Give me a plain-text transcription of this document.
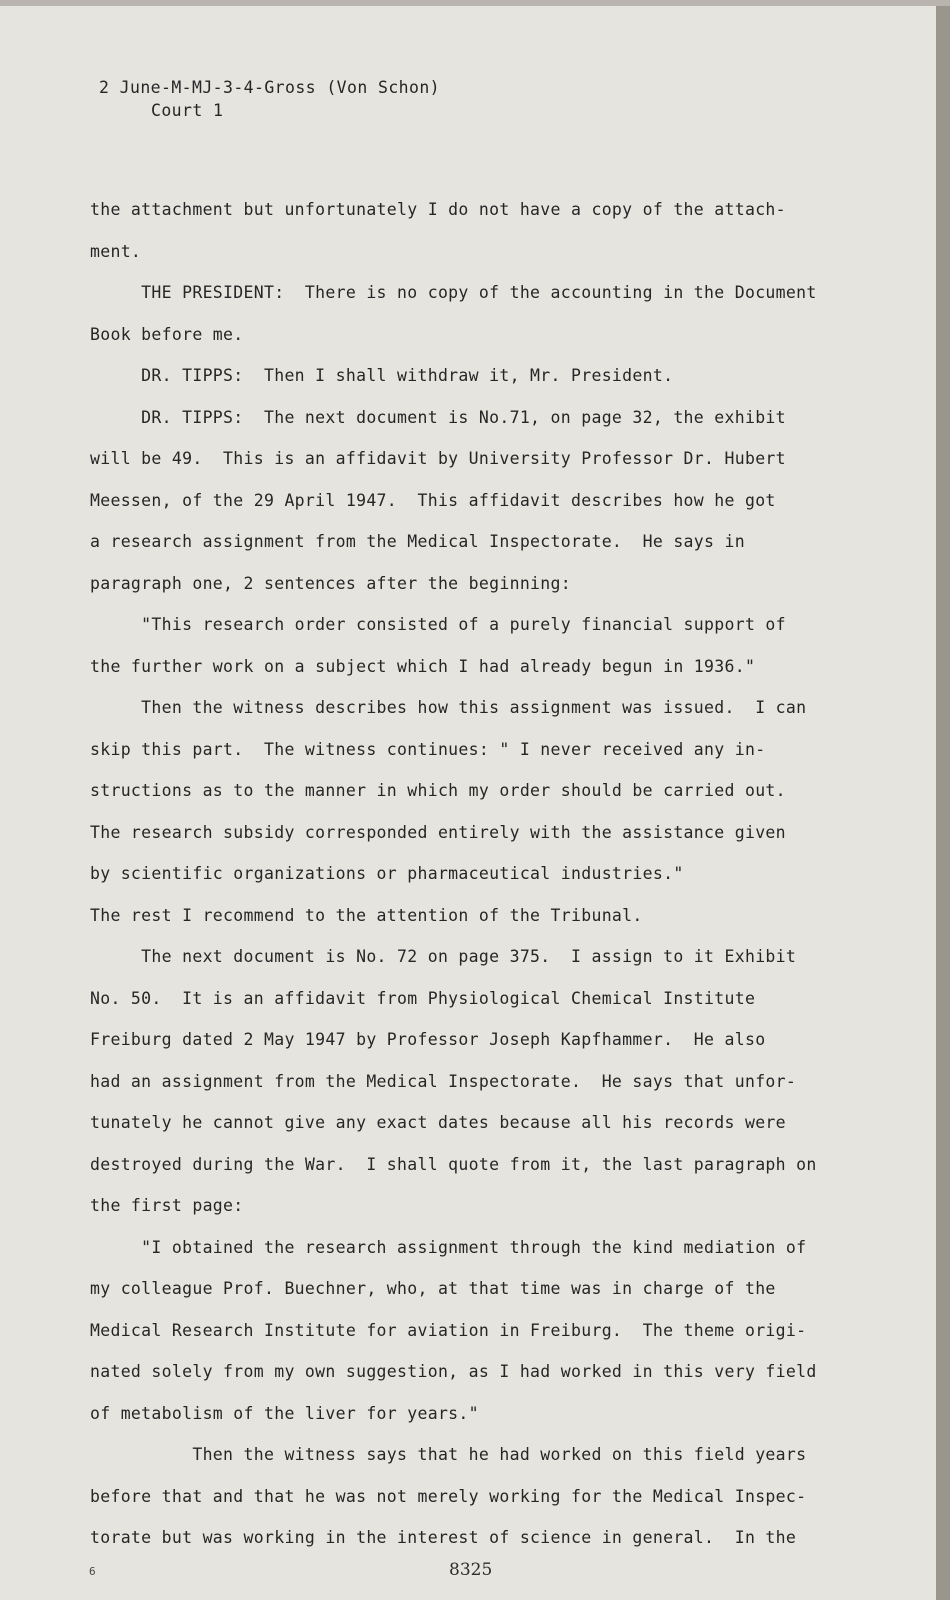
2 June-M-MJ-3-4-Gross (Von Schon)
Court 1
the attachment but unfortunately I do not have a copy of the attach-
ment.
THE PRESIDENT:  There is no copy of the accounting in the Document
Book before me.
DR. TIPPS:  Then I shall withdraw it, Mr. President.
DR. TIPPS:  The next document is No.71, on page 32, the exhibit
will be 49.  This is an affidavit by University Professor Dr. Hubert
Meessen, of the 29 April 1947.  This affidavit describes how he got
a research assignment from the Medical Inspectorate.  He says in
paragraph one, 2 sentences after the beginning:
"This research order consisted of a purely financial support of
the further work on a subject which I had already begun in 1936."
Then the witness describes how this assignment was issued.  I can
skip this part.  The witness continues: " I never received any in-
structions as to the manner in which my order should be carried out.
The research subsidy corresponded entirely with the assistance given
by scientific organizations or pharmaceutical industries."
The rest I recommend to the attention of the Tribunal.
The next document is No. 72 on page 375.  I assign to it Exhibit
No. 50.  It is an affidavit from Physiological Chemical Institute
Freiburg dated 2 May 1947 by Professor Joseph Kapfhammer.  He also
had an assignment from the Medical Inspectorate.  He says that unfor-
tunately he cannot give any exact dates because all his records were
destroyed during the War.  I shall quote from it, the last paragraph on
the first page:
"I obtained the research assignment through the kind mediation of
my colleague Prof. Buechner, who, at that time was in charge of the
Medical Research Institute for aviation in Freiburg.  The theme origi-
nated solely from my own suggestion, as I had worked in this very field
of metabolism of the liver for years."
Then the witness says that he had worked on this field years
before that and that he was not merely working for the Medical Inspec-
torate but was working in the interest of science in general.  In the
6	8325
